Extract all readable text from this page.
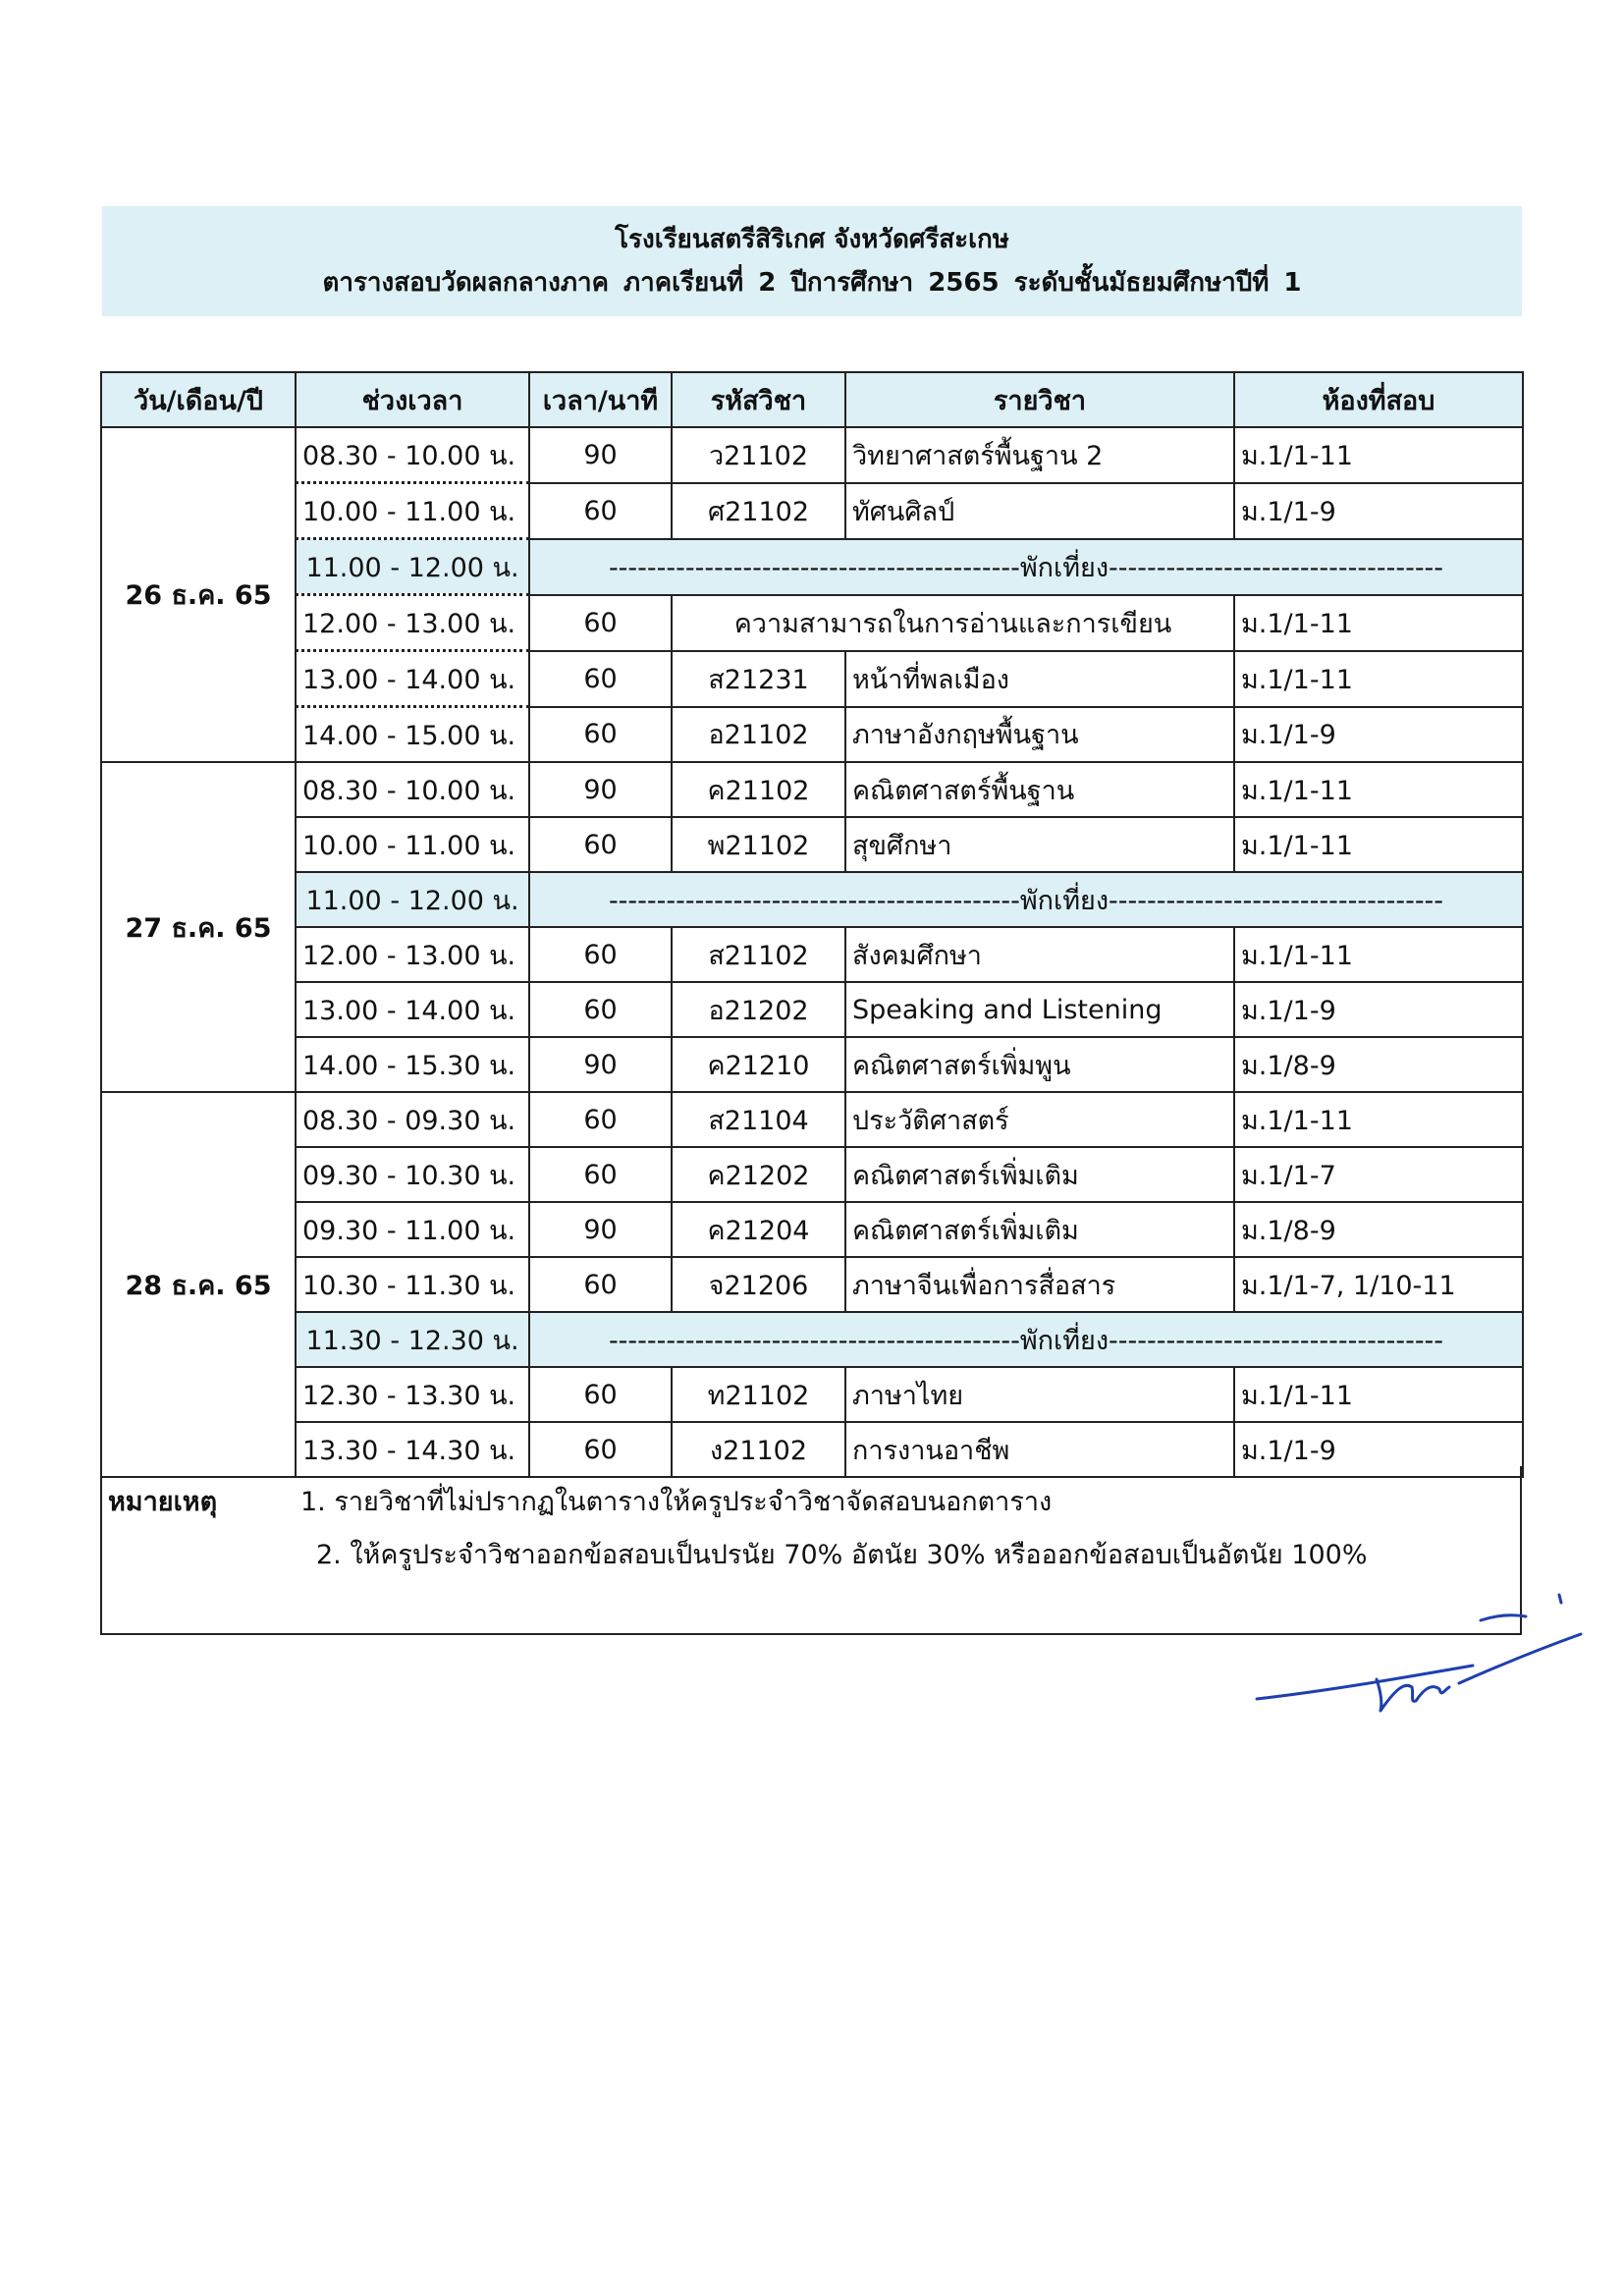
โรงเรียนสตรีสิริเกศ จังหวัดศรีสะเกษ
ตารางสอบวัดผลกลางภาค ภาคเรียนที่ 2 ปีการศึกษา 2565 ระดับชั้นมัธยมศึกษาปีที่ 1
วัน/เดือน/ปี	ช่วงเวลา	เวลา/นาที	รหัสวิชา	รายวิชา	ห้องที่สอบ
26 ธ.ค. 65	08.30 - 10.00 น.	90	ว21102	วิทยาศาสตร์พื้นฐาน 2	ม.1/1-11
	10.00 - 11.00 น.	60	ศ21102	ทัศนศิลป์	ม.1/1-9
	11.00 - 12.00 น.	-------------------------------------------พักเที่ยง-----------------------------------			
	12.00 - 13.00 น.	60	ความสามารถในการอ่านและการเขียน		ม.1/1-11
	13.00 - 14.00 น.	60	ส21231	หน้าที่พลเมือง	ม.1/1-11
	14.00 - 15.00 น.	60	อ21102	ภาษาอังกฤษพื้นฐาน	ม.1/1-9
27 ธ.ค. 65	08.30 - 10.00 น.	90	ค21102	คณิตศาสตร์พื้นฐาน	ม.1/1-11
	10.00 - 11.00 น.	60	พ21102	สุขศึกษา	ม.1/1-11
	11.00 - 12.00 น.	-------------------------------------------พักเที่ยง-----------------------------------			
	12.00 - 13.00 น.	60	ส21102	สังคมศึกษา	ม.1/1-11
	13.00 - 14.00 น.	60	อ21202	Speaking and Listening	ม.1/1-9
	14.00 - 15.30 น.	90	ค21210	คณิตศาสตร์เพิ่มพูน	ม.1/8-9
28 ธ.ค. 65	08.30 - 09.30 น.	60	ส21104	ประวัติศาสตร์	ม.1/1-11
	09.30 - 10.30 น.	60	ค21202	คณิตศาสตร์เพิ่มเติม	ม.1/1-7
	09.30 - 11.00 น.	90	ค21204	คณิตศาสตร์เพิ่มเติม	ม.1/8-9
	10.30 - 11.30 น.	60	จ21206	ภาษาจีนเพื่อการสื่อสาร	ม.1/1-7, 1/10-11
	11.30 - 12.30 น.	-------------------------------------------พักเที่ยง-----------------------------------			
	12.30 - 13.30 น.	60	ท21102	ภาษาไทย	ม.1/1-11
	13.30 - 14.30 น.	60	ง21102	การงานอาชีพ	ม.1/1-9
หมายเหตุ	1. รายวิชาที่ไม่ปรากฏในตารางให้ครูประจำวิชาจัดสอบนอกตาราง
2. ให้ครูประจำวิชาออกข้อสอบเป็นปรนัย 70% อัตนัย 30% หรือออกข้อสอบเป็นอัตนัย 100%
